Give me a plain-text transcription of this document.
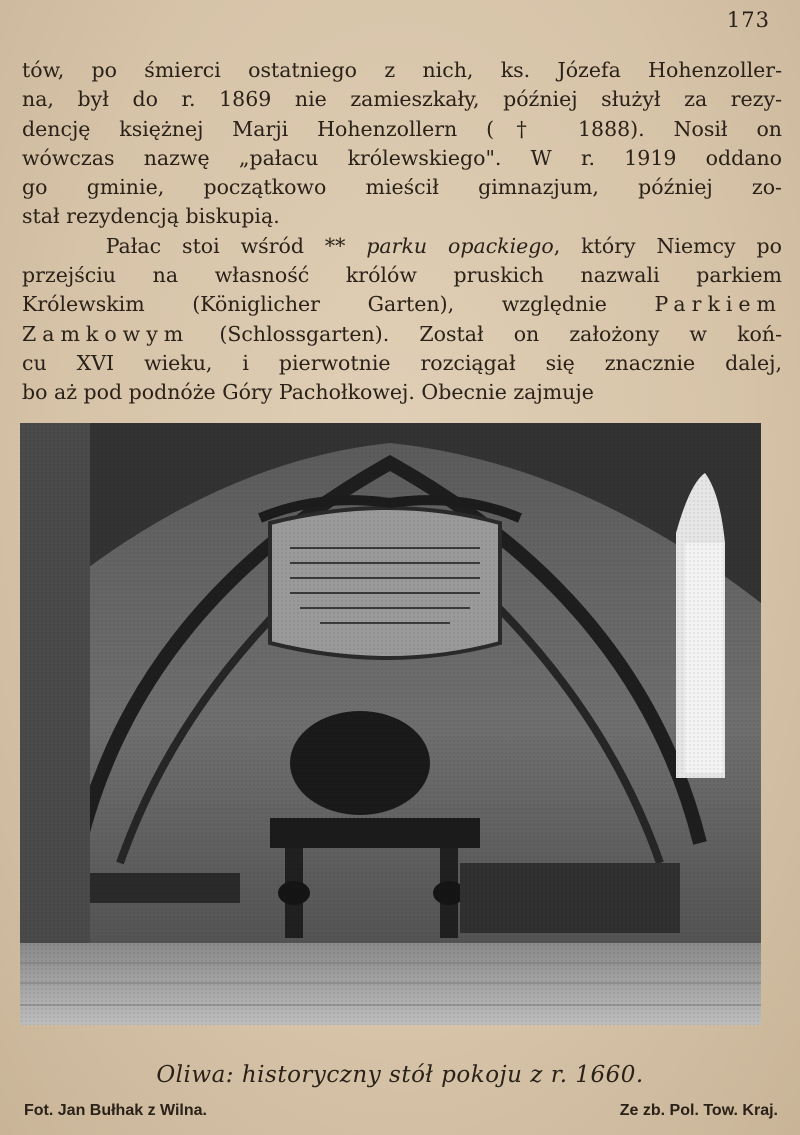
173
tów, po śmierci ostatniego z nich, ks. Józefa Hohenzoller-
na, był do r. 1869 nie zamieszkały, później służył za rezy-
dencję księżnej Marji Hohenzollern († 1888). Nosił on
wówczas nazwę „pałacu królewskiego". W r. 1919 oddano
go gminie, początkowo mieścił gimnazjum, później zo-
stał rezydencją biskupią.
Pałac stoi wśród ** parku opackiego, który Niemcy po
przejściu na własność królów pruskich nazwali parkiem
Królewskim (Königlicher Garten), względnie Parkiem
Zamkowym (Schlossgarten). Został on założony w koń-
cu XVI wieku, i pierwotnie rozciągał się znacznie dalej,
bo aż pod podnóże Góry Pachołkowej. Obecnie zajmuje
Oliwa: historyczny stół pokoju z r. 1660.
Fot. Jan Bułhak z Wilna.	Ze zb. Pol. Tow. Kraj.
